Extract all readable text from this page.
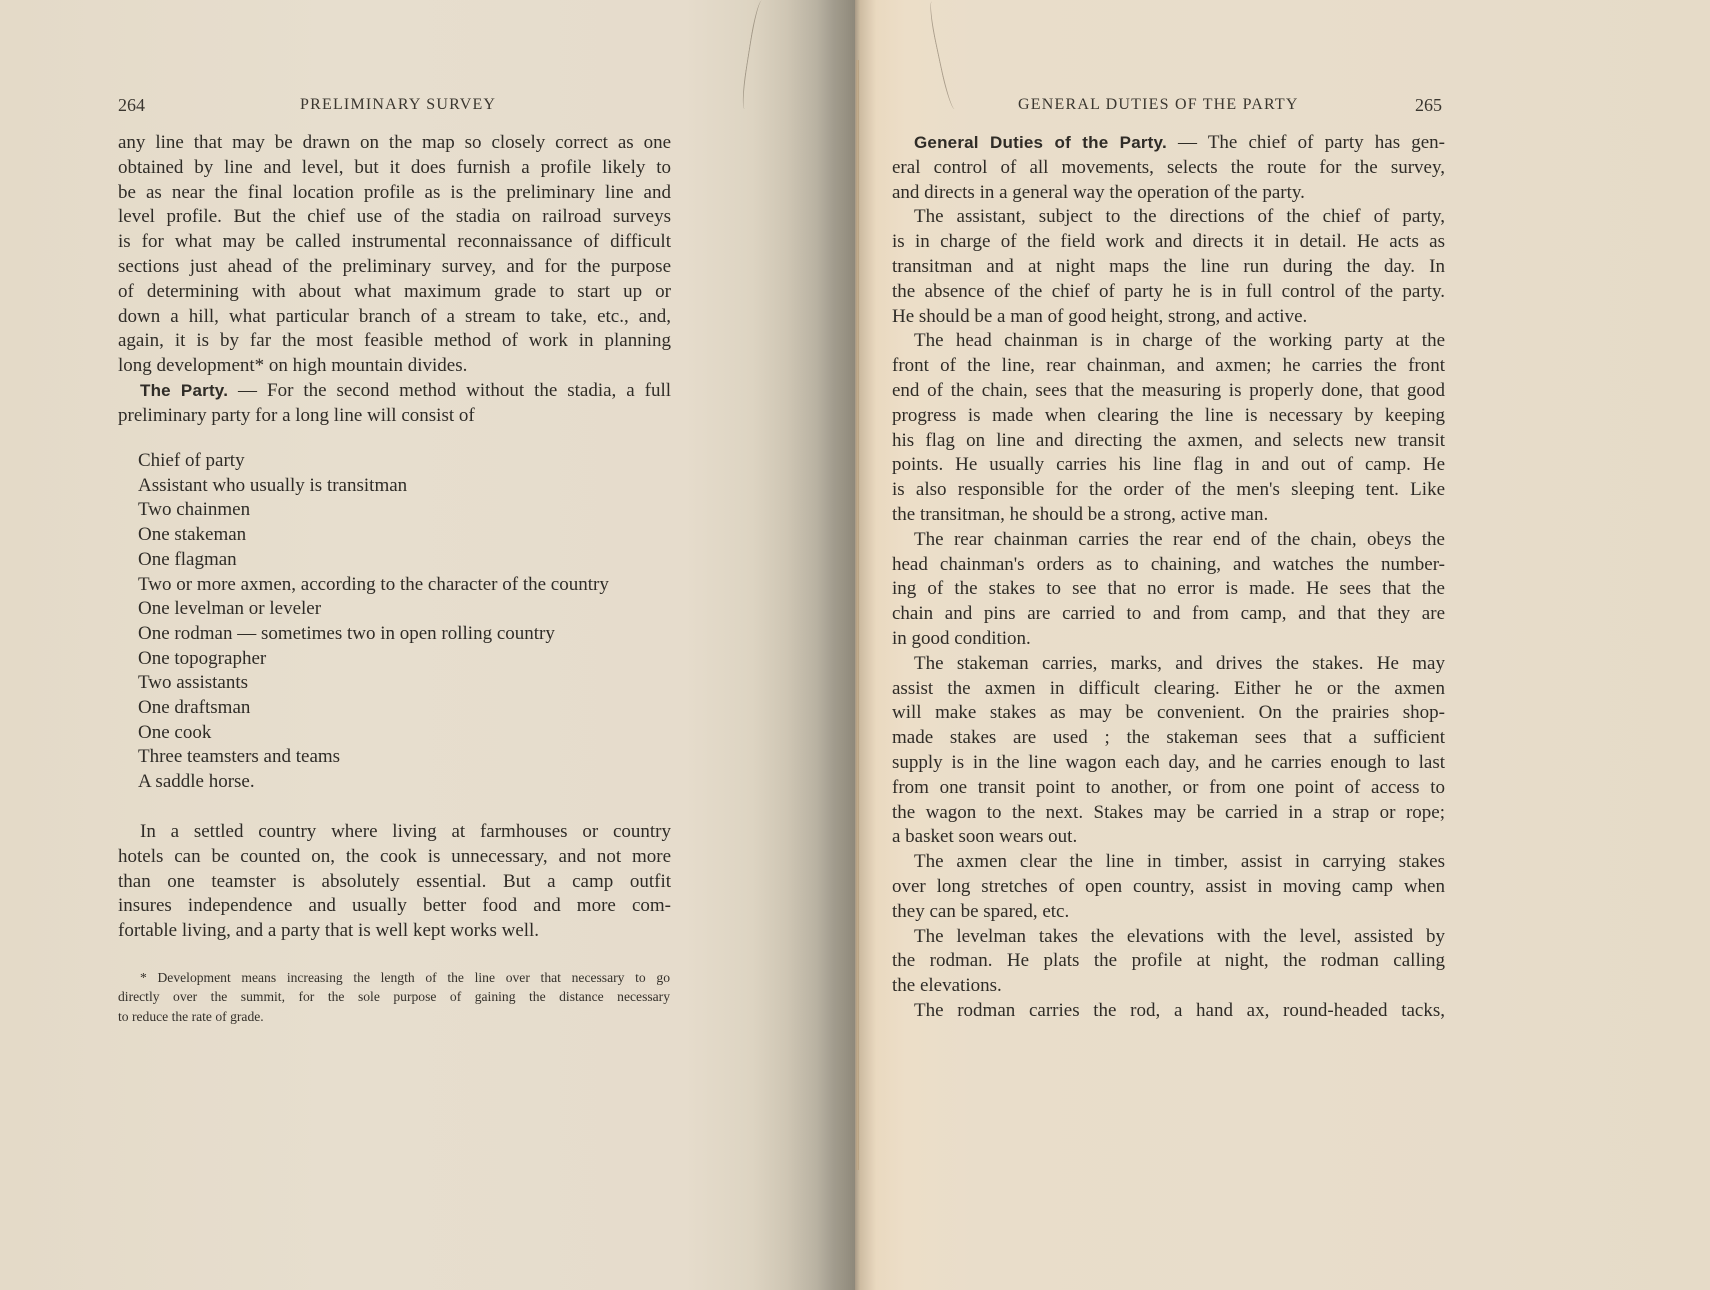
264	PRELIMINARY SURVEY
any line that may be drawn on the map so closely correct as one
obtained by line and level, but it does furnish a profile likely to
be as near the final location profile as is the preliminary line and
level profile. But the chief use of the stadia on railroad surveys
is for what may be called instrumental reconnaissance of difficult
sections just ahead of the preliminary survey, and for the purpose
of determining with about what maximum grade to start up or
down a hill, what particular branch of a stream to take, etc., and,
again, it is by far the most feasible method of work in planning
long development* on high mountain divides.
The Party. — For the second method without the stadia, a full
preliminary party for a long line will consist of
Chief of party
Assistant who usually is transitman
Two chainmen
One stakeman
One flagman
Two or more axmen, according to the character of the country
One levelman or leveler
One rodman — sometimes two in open rolling country
One topographer
Two assistants
One draftsman
One cook
Three teamsters and teams
A saddle horse.
In a settled country where living at farmhouses or country
hotels can be counted on, the cook is unnecessary, and not more
than one teamster is absolutely essential. But a camp outfit
insures independence and usually better food and more com-
fortable living, and a party that is well kept works well.
* Development means increasing the length of the line over that necessary to go
directly over the summit, for the sole purpose of gaining the distance necessary
to reduce the rate of grade.
GENERAL DUTIES OF THE PARTY	265
General Duties of the Party. — The chief of party has gen-
eral control of all movements, selects the route for the survey,
and directs in a general way the operation of the party.
The assistant, subject to the directions of the chief of party,
is in charge of the field work and directs it in detail. He acts as
transitman and at night maps the line run during the day. In
the absence of the chief of party he is in full control of the party.
He should be a man of good height, strong, and active.
The head chainman is in charge of the working party at the
front of the line, rear chainman, and axmen; he carries the front
end of the chain, sees that the measuring is properly done, that good
progress is made when clearing the line is necessary by keeping
his flag on line and directing the axmen, and selects new transit
points. He usually carries his line flag in and out of camp. He
is also responsible for the order of the men's sleeping tent. Like
the transitman, he should be a strong, active man.
The rear chainman carries the rear end of the chain, obeys the
head chainman's orders as to chaining, and watches the number-
ing of the stakes to see that no error is made. He sees that the
chain and pins are carried to and from camp, and that they are
in good condition.
The stakeman carries, marks, and drives the stakes. He may
assist the axmen in difficult clearing. Either he or the axmen
will make stakes as may be convenient. On the prairies shop-
made stakes are used ; the stakeman sees that a sufficient
supply is in the line wagon each day, and he carries enough to last
from one transit point to another, or from one point of access to
the wagon to the next. Stakes may be carried in a strap or rope;
a basket soon wears out.
The axmen clear the line in timber, assist in carrying stakes
over long stretches of open country, assist in moving camp when
they can be spared, etc.
The levelman takes the elevations with the level, assisted by
the rodman. He plats the profile at night, the rodman calling
the elevations.
The rodman carries the rod, a hand ax, round-headed tacks,
